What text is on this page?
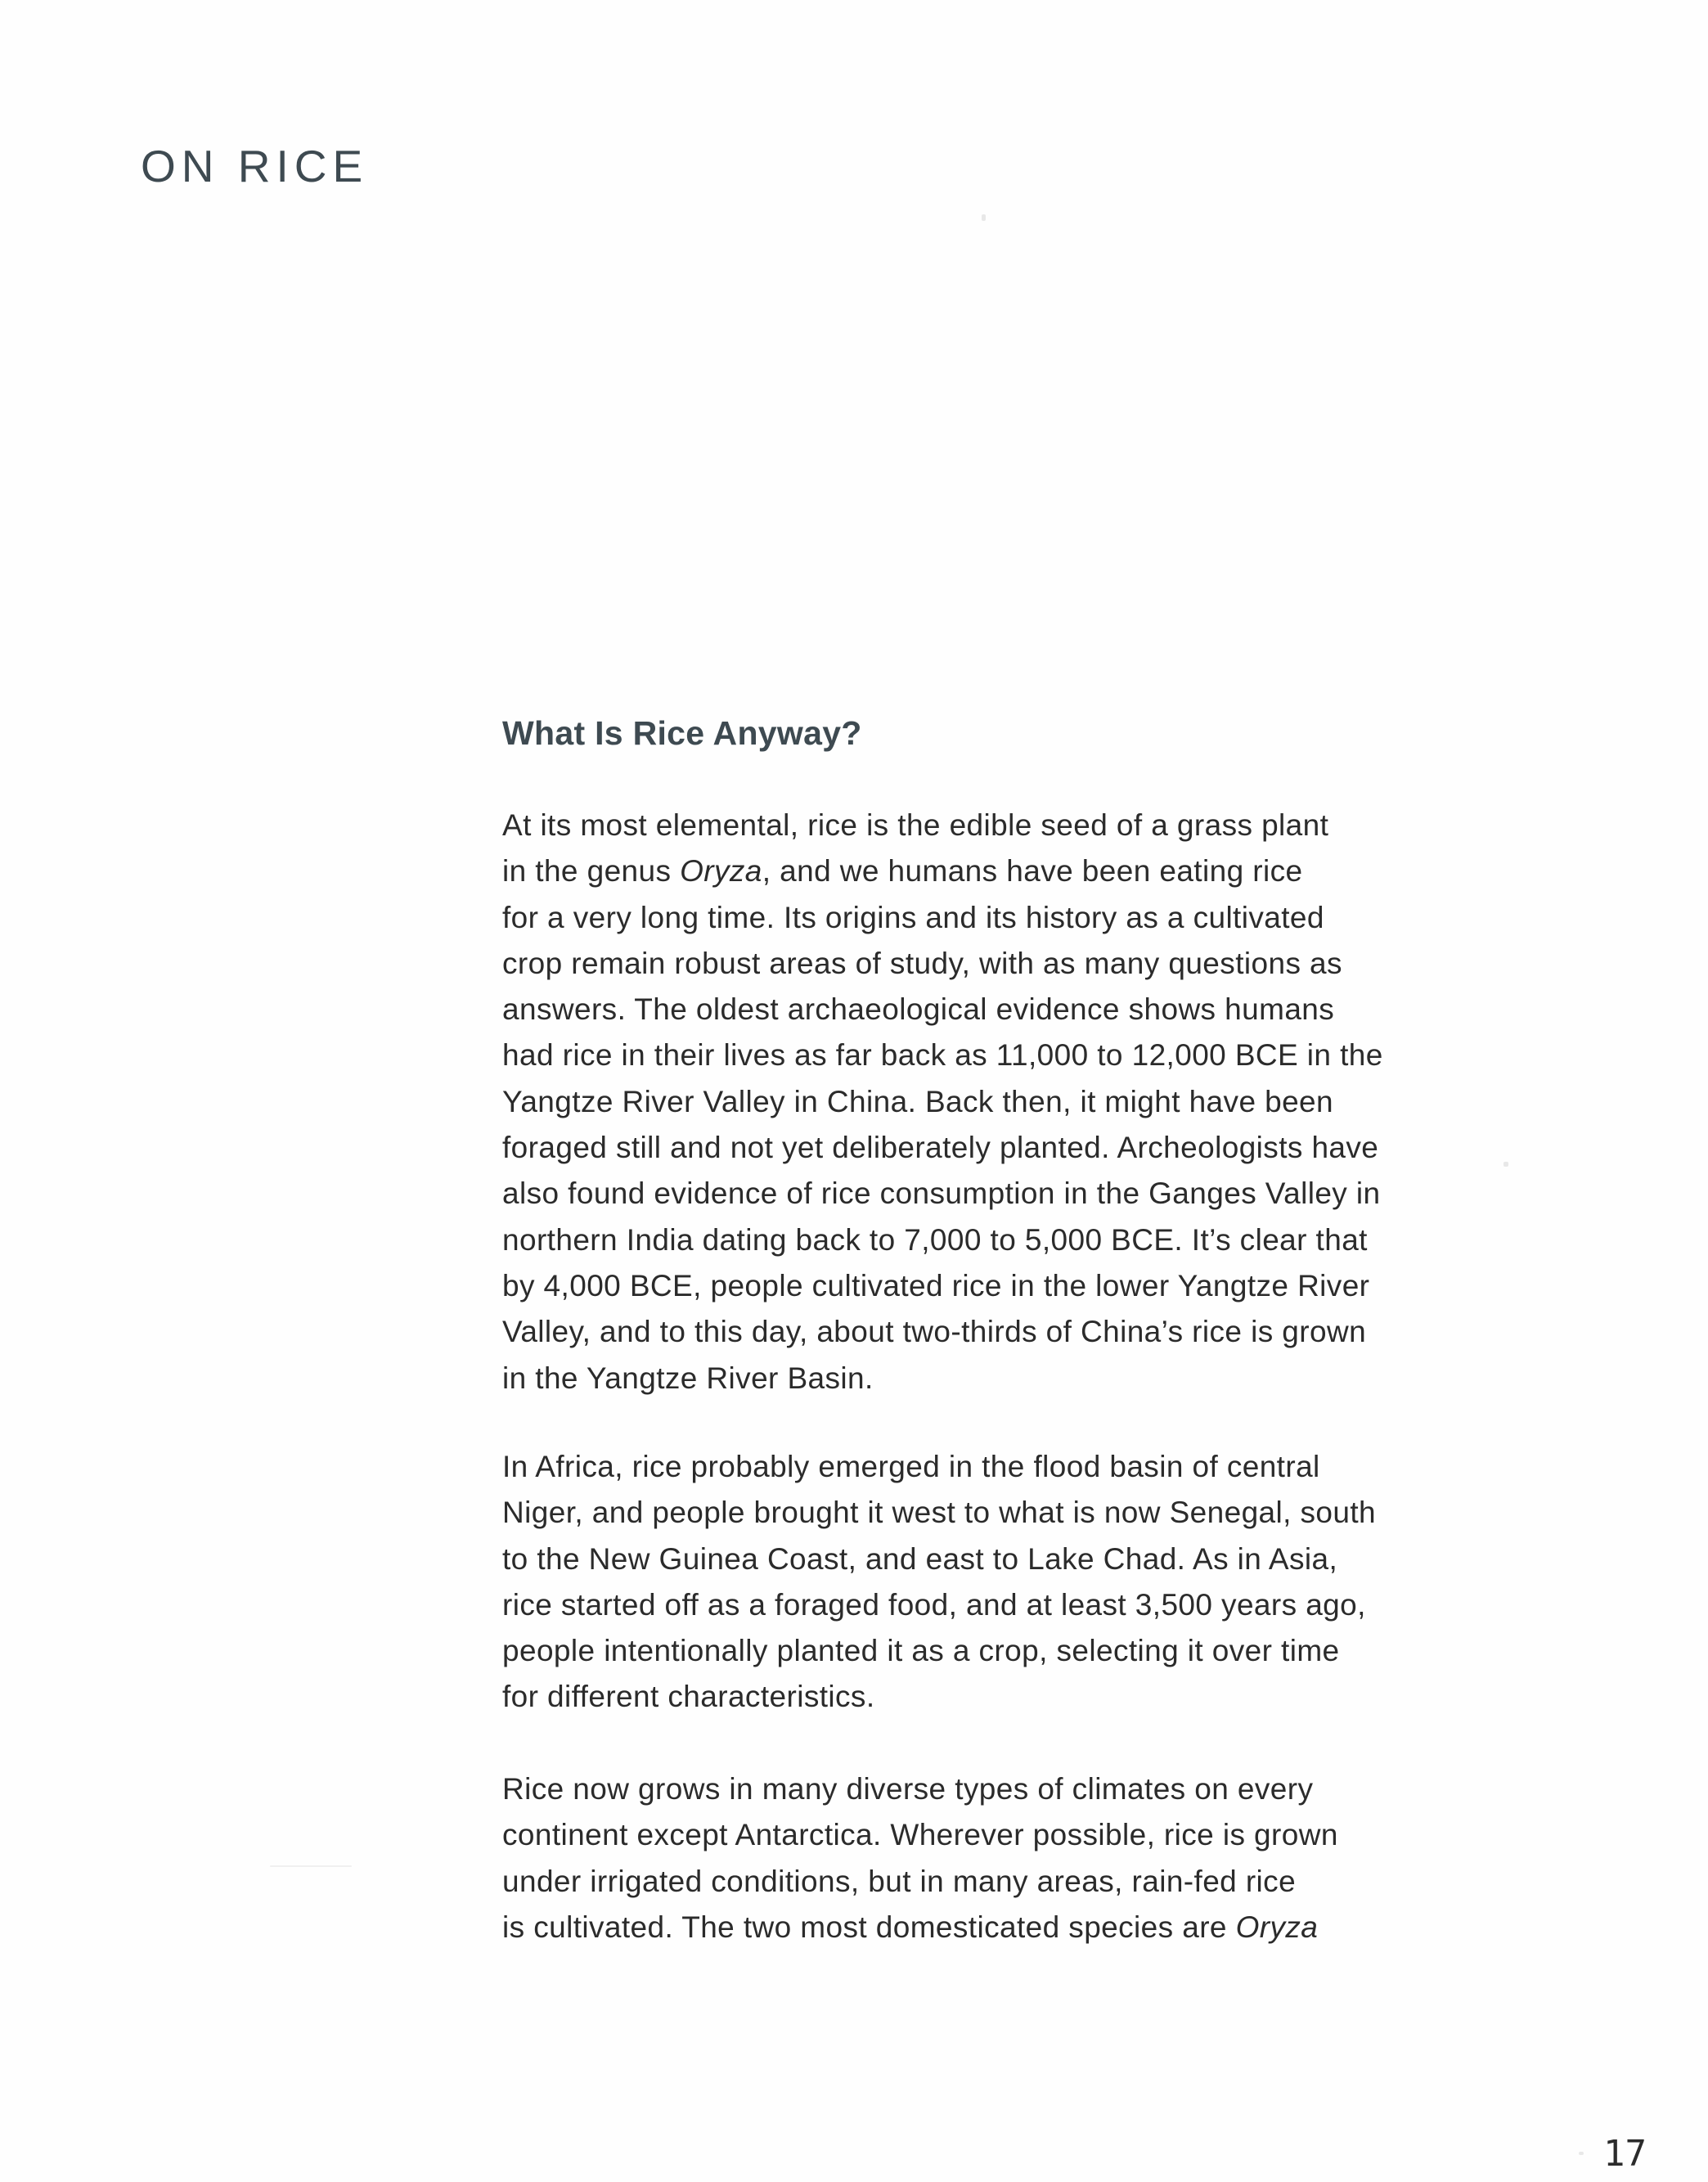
ON RICE
What Is Rice Anyway?

At its most elemental, rice is the edible seed of a grass plant
in the genus Oryza, and we humans have been eating rice
for a very long time. Its origins and its history as a cultivated
crop remain robust areas of study, with as many questions as
answers. The oldest archaeological evidence shows humans
had rice in their lives as far back as 11,000 to 12,000 BCE in the
Yangtze River Valley in China. Back then, it might have been
foraged still and not yet deliberately planted. Archeologists have
also found evidence of rice consumption in the Ganges Valley in
northern India dating back to 7,000 to 5,000 BCE. It’s clear that
by 4,000 BCE, people cultivated rice in the lower Yangtze River
Valley, and to this day, about two-thirds of China’s rice is grown
in the Yangtze River Basin.

In Africa, rice probably emerged in the flood basin of central
Niger, and people brought it west to what is now Senegal, south
to the New Guinea Coast, and east to Lake Chad. As in Asia,
rice started off as a foraged food, and at least 3,500 years ago,
people intentionally planted it as a crop, selecting it over time
for different characteristics.

Rice now grows in many diverse types of climates on every
continent except Antarctica. Wherever possible, rice is grown
under irrigated conditions, but in many areas, rain-fed rice
is cultivated. The two most domesticated species are Oryza

17
